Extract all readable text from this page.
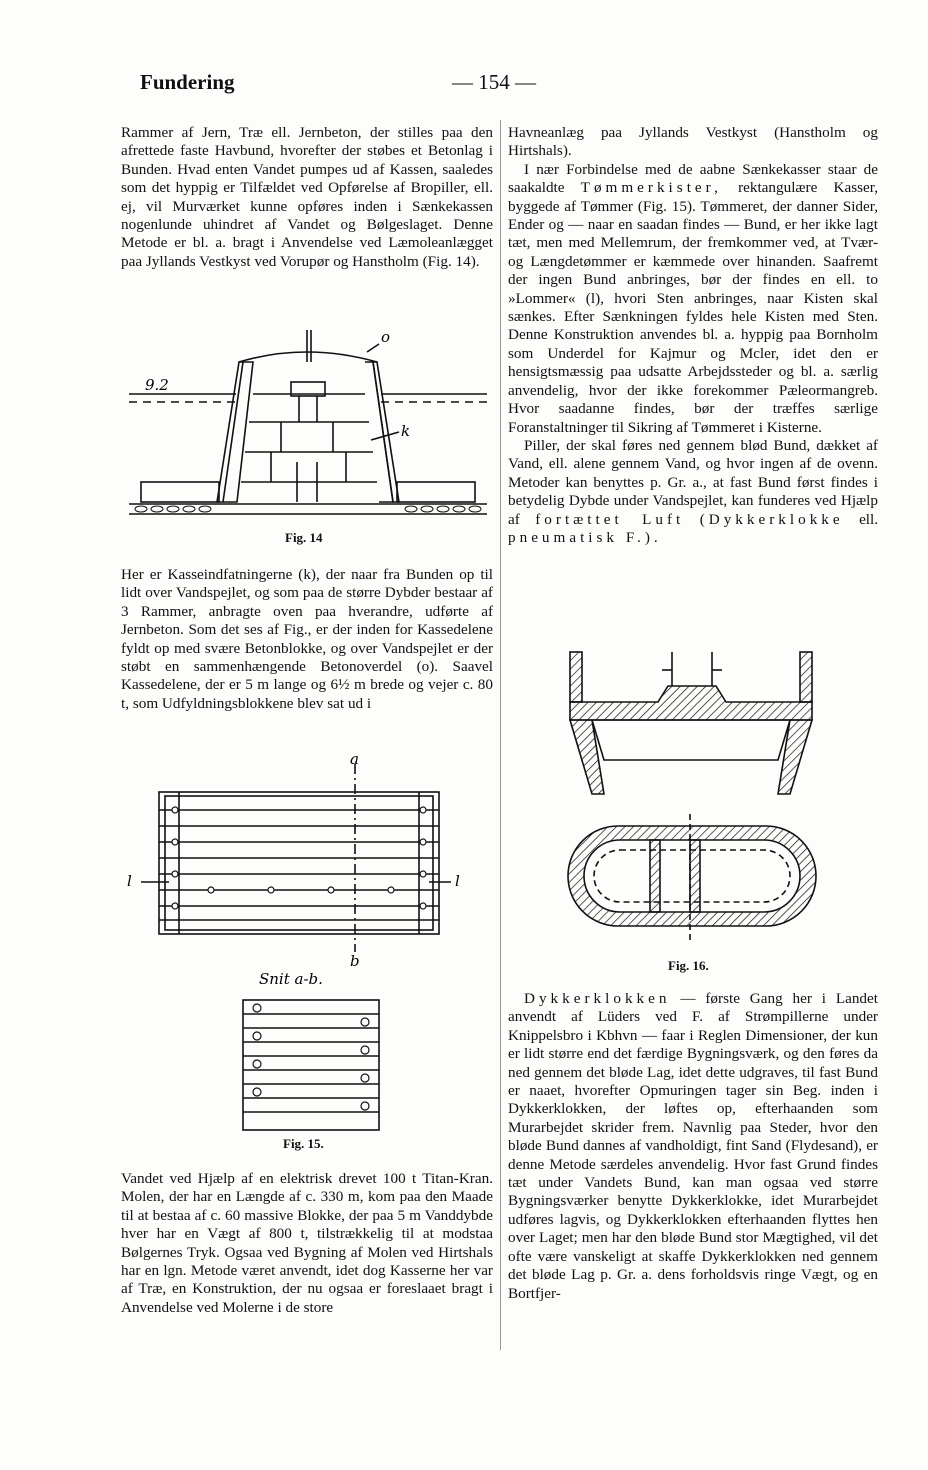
Fundering	— 154 —

Rammer af Jern, Træ ell. Jernbeton, der stilles paa den afrettede faste Havbund, hvorefter der støbes et Betonlag i Bunden. Hvad enten Vandet pumpes ud af Kassen, saaledes som det hyppig er Tilfældet ved Opførelse af Bropiller, ell. ej, vil Murværket kunne opføres inden i Sænkekassen nogenlunde uhindret af Vandet og Bølgeslaget. Denne Metode er bl. a. bragt i Anvendelse ved Læmoleanlægget paa Jyllands Vestkyst ved Vorupør og Hanstholm (Fig. 14).

9.2
o
k
Fig. 14

Her er Kasseindfatningerne (k), der naar fra Bunden op til lidt over Vandspejlet, og som paa de større Dybder bestaar af 3 Rammer, anbragte oven paa hverandre, udførte af Jernbeton. Som det ses af Fig., er der inden for Kassedelene fyldt op med svære Betonblokke, og over Vandspejlet er der støbt en sammenhængende Betonoverdel (o). Saavel Kassedelene, der er 5 m lange og 6½ m brede og vejer c. 80 t, som Udfyldningsblokkene blev sat ud i

a
b
l	l
Snit a-b.
Fig. 15.

Vandet ved Hjælp af en elektrisk drevet 100 t Titan-Kran. Molen, der har en Længde af c. 330 m, kom paa den Maade til at bestaa af c. 60 massive Blokke, der paa 5 m Vanddybde hver har en Vægt af 800 t, tilstrækkelig til at modstaa Bølgernes Tryk. Ogsaa ved Bygning af Molen ved Hirtshals har en lgn. Metode været anvendt, idet dog Kasserne her var af Træ, en Konstruktion, der nu ogsaa er foreslaaet bragt i Anvendelse ved Molerne i de store

Havneanlæg paa Jyllands Vestkyst (Hanstholm og Hirtshals).

I nær Forbindelse med de aabne Sænkekasser staar de saakaldte Tømmerkister, rektangulære Kasser, byggede af Tømmer (Fig. 15). Tømmeret, der danner Sider, Ender og — naar en saadan findes — Bund, er her ikke lagt tæt, men med Mellemrum, der fremkommer ved, at Tvær- og Længdetømmer er kæmmede over hinanden. Saafremt der ingen Bund anbringes, bør der findes en ell. to »Lommer« (l), hvori Sten anbringes, naar Kisten skal sænkes. Efter Sænkningen fyldes hele Kisten med Sten. Denne Konstruktion anvendes bl. a. hyppig paa Bornholm som Underdel for Kajmur og Mcler, idet den er hensigtsmæssig paa udsatte Arbejdssteder og bl. a. særlig anvendelig, hvor der ikke forekommer Pæleormangreb. Hvor saadanne findes, bør der træffes særlige Foranstaltninger til Sikring af Tømmeret i Kisterne.

Piller, der skal føres ned gennem blød Bund, dækket af Vand, ell. alene gennem Vand, og hvor ingen af de ovenn. Metoder kan benyttes p. Gr. a., at fast Bund først findes i betydelig Dybde under Vandspejlet, kan funderes ved Hjælp af fortættet Luft (Dykkerklokke ell. pneumatisk F.).

Fig. 16.

Dykkerklokken — første Gang her i Landet anvendt af Lüders ved F. af Strømpillerne under Knippelsbro i Kbhvn — faar i Reglen Dimensioner, der kun er lidt større end det færdige Bygningsværk, og den føres da ned gennem det bløde Lag, idet dette udgraves, til fast Bund er naaet, hvorefter Opmuringen tager sin Beg. inden i Dykkerklokken, der løftes op, efterhaanden som Murarbejdet skrider frem. Navnlig paa Steder, hvor den bløde Bund dannes af vandholdigt, fint Sand (Flydesand), er denne Metode særdeles anvendelig. Hvor fast Grund findes tæt under Vandets Bund, kan man ogsaa ved større Bygningsværker benytte Dykkerklokke, idet Murarbejdet udføres lagvis, og Dykkerklokken efterhaanden flyttes hen over Laget; men har den bløde Bund stor Mægtighed, vil det ofte være vanskeligt at skaffe Dykkerklokken ned gennem det bløde Lag p. Gr. a. dens forholdsvis ringe Vægt, og en Bortfjer-
